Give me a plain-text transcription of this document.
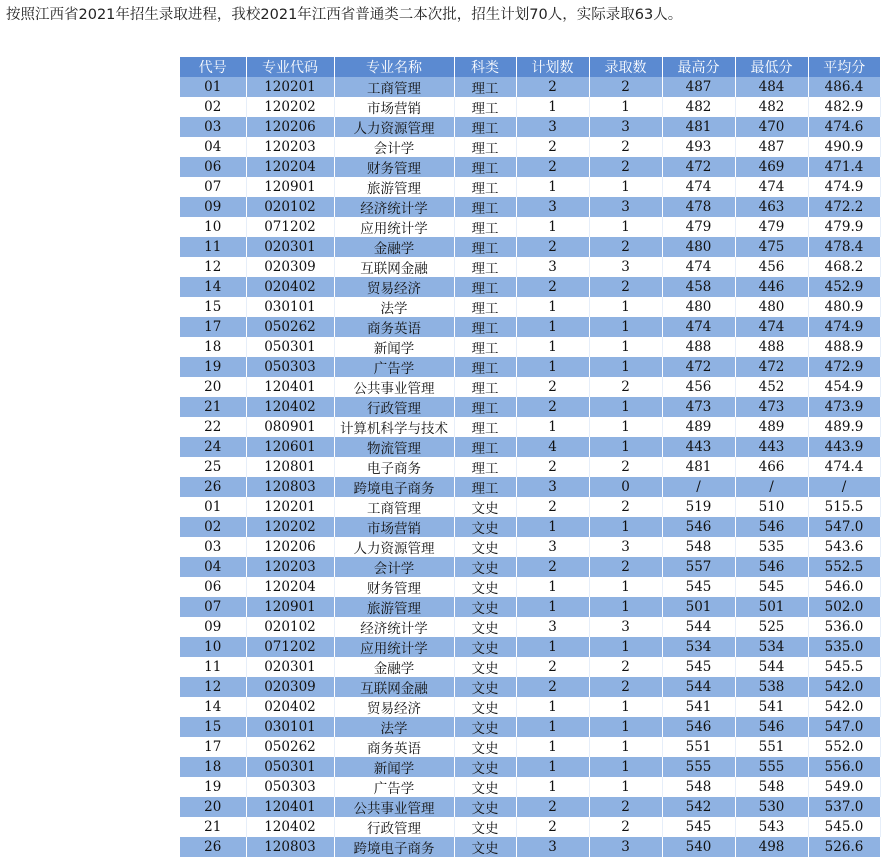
按照江西省2021年招生录取进程，我校2021年江西省普通类二本次批，招生计划70人，实际录取63人。
代号	专业代码	专业名称	科类	计划数	录取数	最高分	最低分	平均分
01	120201	工商管理	理工	2	2	487	484	486.4
02	120202	市场营销	理工	1	1	482	482	482.9
03	120206	人力资源管理	理工	3	3	481	470	474.6
04	120203	会计学	理工	2	2	493	487	490.9
06	120204	财务管理	理工	2	2	472	469	471.4
07	120901	旅游管理	理工	1	1	474	474	474.9
09	020102	经济统计学	理工	3	3	478	463	472.2
10	071202	应用统计学	理工	1	1	479	479	479.9
11	020301	金融学	理工	2	2	480	475	478.4
12	020309	互联网金融	理工	3	3	474	456	468.2
14	020402	贸易经济	理工	2	2	458	446	452.9
15	030101	法学	理工	1	1	480	480	480.9
17	050262	商务英语	理工	1	1	474	474	474.9
18	050301	新闻学	理工	1	1	488	488	488.9
19	050303	广告学	理工	1	1	472	472	472.9
20	120401	公共事业管理	理工	2	2	456	452	454.9
21	120402	行政管理	理工	2	1	473	473	473.9
22	080901	计算机科学与技术	理工	1	1	489	489	489.9
24	120601	物流管理	理工	4	1	443	443	443.9
25	120801	电子商务	理工	2	2	481	466	474.4
26	120803	跨境电子商务	理工	3	0	/	/	/
01	120201	工商管理	文史	2	2	519	510	515.5
02	120202	市场营销	文史	1	1	546	546	547.0
03	120206	人力资源管理	文史	3	3	548	535	543.6
04	120203	会计学	文史	2	2	557	546	552.5
06	120204	财务管理	文史	1	1	545	545	546.0
07	120901	旅游管理	文史	1	1	501	501	502.0
09	020102	经济统计学	文史	3	3	544	525	536.0
10	071202	应用统计学	文史	1	1	534	534	535.0
11	020301	金融学	文史	2	2	545	544	545.5
12	020309	互联网金融	文史	2	2	544	538	542.0
14	020402	贸易经济	文史	1	1	541	541	542.0
15	030101	法学	文史	1	1	546	546	547.0
17	050262	商务英语	文史	1	1	551	551	552.0
18	050301	新闻学	文史	1	1	555	555	556.0
19	050303	广告学	文史	1	1	548	548	549.0
20	120401	公共事业管理	文史	2	2	542	530	537.0
21	120402	行政管理	文史	2	2	545	543	545.0
26	120803	跨境电子商务	文史	3	3	540	498	526.6
